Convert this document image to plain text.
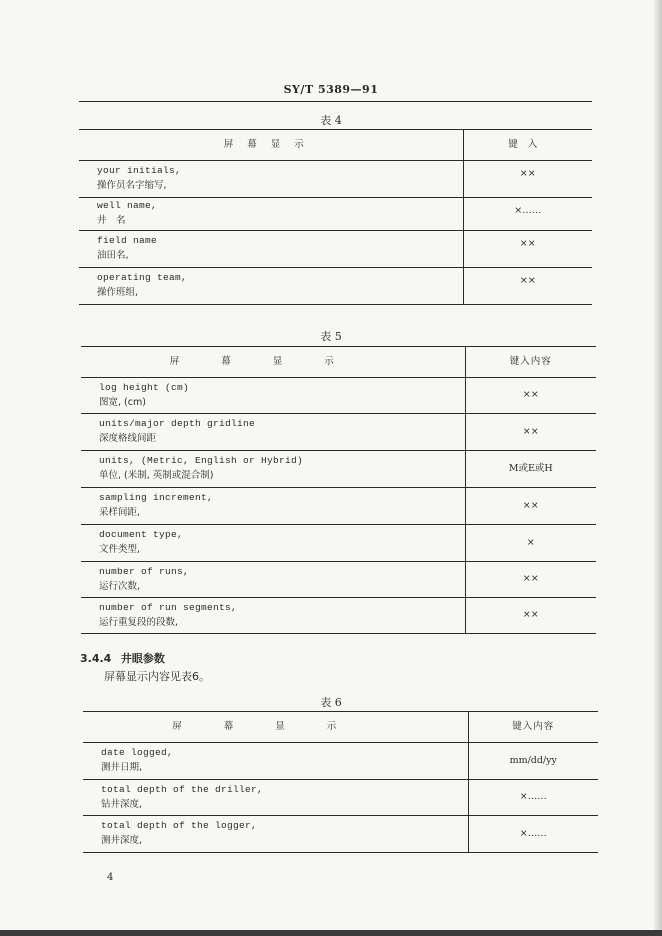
SY/T 5389—91
表 4
屏幕显示	键入

your initials,
操作员名字缩写,	××

well name,
井　名	×……

field name
油田名,	××

operating team,
操作班组,	××
表 5
屏幕显示	键入内容

log height (cm)
图宽, (cm)	××

units/major depth gridline
深度格线间距	××

units, (Metric, English or Hybrid)
单位, (米制, 英制或混合制)	M或E或H

sampling increment,
采样间距,	××

document type,
文件类型,	×

number of runs,
运行次数,	××

number of run segments,
运行重复段的段数,	××
3.4.4 井眼参数
屏幕显示内容见表6。
表 6
屏幕显示	键入内容

date logged,
测井日期,	mm/dd/yy

total depth of the driller,
钻井深度,	×……

total depth of the logger,
测井深度,	×……
4
